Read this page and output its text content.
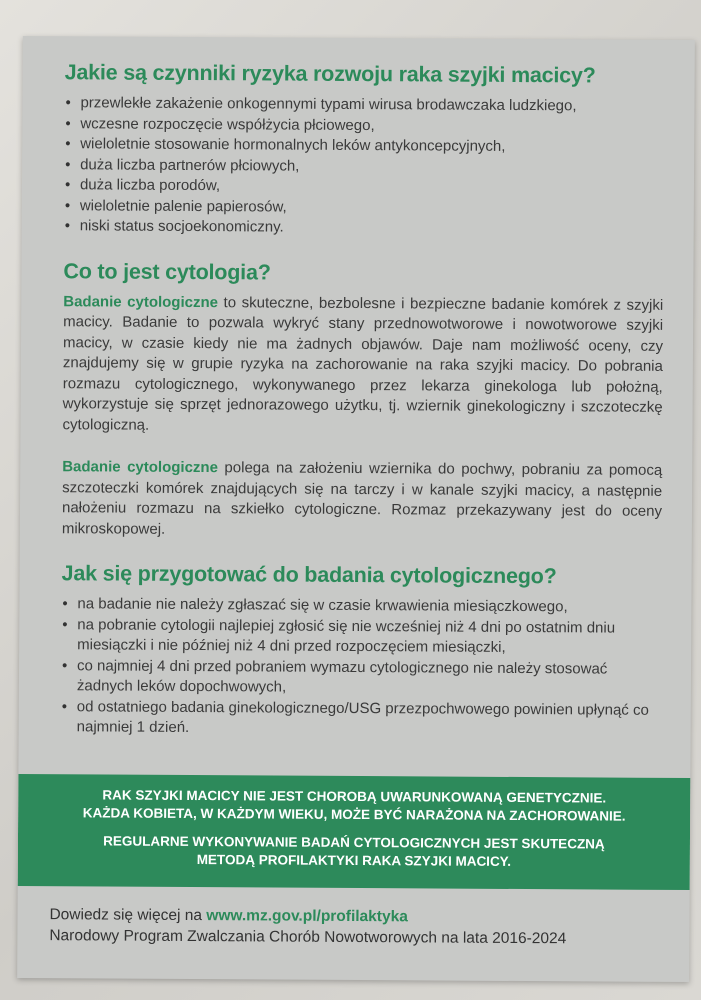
Jakie są czynniki ryzyka rozwoju raka szyjki macicy?
• przewlekłe zakażenie onkogennymi typami wirusa brodawczaka ludzkiego,
• wczesne rozpoczęcie współżycia płciowego,
• wieloletnie stosowanie hormonalnych leków antykoncepcyjnych,
• duża liczba partnerów płciowych,
• duża liczba porodów,
• wieloletnie palenie papierosów,
• niski status socjoekonomiczny.
Co to jest cytologia?

Badanie cytologiczne to skuteczne, bezbolesne i bezpieczne badanie komórek z szyjki macicy. Badanie to pozwala wykryć stany przednowotworowe i nowotworowe szyjki macicy, w czasie kiedy nie ma żadnych objawów. Daje nam możliwość oceny, czy znajdujemy się w grupie ryzyka na zachorowanie na raka szyjki macicy. Do pobrania rozmazu cytologicznego, wykonywanego przez lekarza ginekologa lub położną, wykorzystuje się sprzęt jednorazowego użytku, tj. wziernik ginekologiczny i szczoteczkę cytologiczną.

Badanie cytologiczne polega na założeniu wziernika do pochwy, pobraniu za pomocą szczoteczki komórek znajdujących się na tarczy i w kanale szyjki macicy, a następnie nałożeniu rozmazu na szkiełko cytologiczne. Rozmaz przekazywany jest do oceny mikroskopowej.

Jak się przygotować do badania cytologicznego?
• na badanie nie należy zgłaszać się w czasie krwawienia miesiączkowego,
• na pobranie cytologii najlepiej zgłosić się nie wcześniej niż 4 dni po ostatnim dniu miesiączki i nie później niż 4 dni przed rozpoczęciem miesiączki,
• co najmniej 4 dni przed pobraniem wymazu cytologicznego nie należy stosować żadnych leków dopochwowych,
• od ostatniego badania ginekologicznego/USG przezpochwowego powinien upłynąć co najmniej 1 dzień.
RAK SZYJKI MACICY NIE JEST CHOROBĄ UWARUNKOWANĄ GENETYCZNIE.
KAŻDA KOBIETA, W KAŻDYM WIEKU, MOŻE BYĆ NARAŻONA NA ZACHOROWANIE.
REGULARNE WYKONYWANIE BADAŃ CYTOLOGICZNYCH JEST SKUTECZNĄ
METODĄ PROFILAKTYKI RAKA SZYJKI MACICY.
Dowiedz się więcej na www.mz.gov.pl/profilaktyka
Narodowy Program Zwalczania Chorób Nowotworowych na lata 2016-2024
